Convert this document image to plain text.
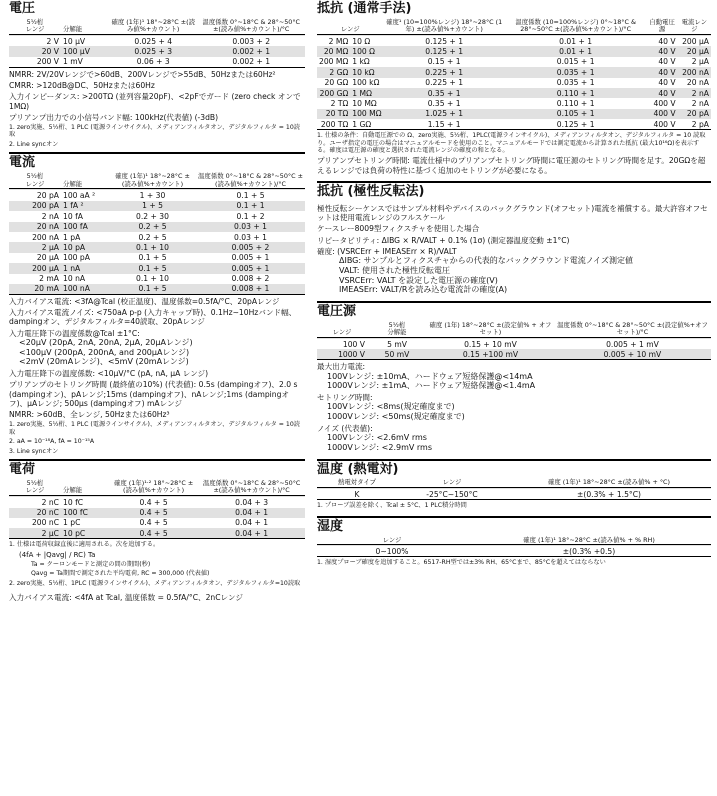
電圧
5½桁
レンジ	分解能	確度 (1年)¹ 18°~28°C ±(読み値%+カウント)	温度係数 0°~18°C & 28°~50°C ±(読み値%+カウント)/°C

2 V	10 µV	0.025 + 4	0.003 + 2
20 V	100 µV	0.025 + 3	0.002 + 1
200 V	1 mV	0.06 + 3	0.002 + 1
NMRR: 2V/20Vレンジで>60dB、200Vレンジで>55dB、50Hzまたは60Hz²
CMRR: >120dB@DC、50Hzまたは60Hz
入力インピーダンス: >200TΩ (並列容量20pF)、<2pFでガード (zero check オンで1MΩ)
プリアンプ出力での小信号バンド幅: 100kHz(代表値) (-3dB)
1. zero実施、5½桁、1 PLC (電源ラインサイクル)、メディアンフィルタオン、デジタルフィルタ = 10読取
2. Line syncオン
電流
5½桁
レンジ	分解能	確度 (1年)¹ 18°~28°C ±(読み値%+カウント)	温度係数 0°~18°C & 28°~50°C ±(読み値%+カウント)/°C

20 pA	100 aA ²	1 + 30	0.1 + 5
200 pA	1 fA ²	1 + 5	0.1 + 1
2 nA	10 fA	0.2 + 30	0.1 + 2
20 nA	100 fA	0.2 + 5	0.03 + 1
200 nA	1 pA	0.2 + 5	0.03 + 1
2 µA	10 pA	0.1 + 10	0.005 + 2
20 µA	100 pA	0.1 + 5	0.005 + 1
200 µA	1 nA	0.1 + 5	0.005 + 1
2 mA	10 nA	0.1 + 10	0.008 + 2
20 mA	100 nA	0.1 + 5	0.008 + 1
入力バイアス電流: <3fA@Tcal (校正温度)、温度係数=0.5fA/°C、20pAレンジ
入力バイアス電流ノイズ: <750aA p-p (入力キャップ時)、0.1Hz~10Hzバンド幅、dampingオン、デジタルフィルタ=40読取、20pAレンジ
入力電圧降下の温度係数@Tcal ±1°C:
<20µV (20pA, 2nA, 20nA, 2µA, 20µAレンジ)
<100µV (200pA, 200nA, and 200µAレンジ)
<2mV (20mAレンジ)、<5mV (20mAレンジ)
入力電圧降下の温度係数: <10µV/°C (pA, nA, µA レンジ)
プリアンプのセトリング時間 (最終値の10%) (代表値): 0.5s (dampingオフ)、2.0 s (dampingオン)、pAレンジ;15ms (dampingオフ)、nAレンジ;1ms (dampingオフ)、µAレンジ; 500µs (dampingオフ) mAレンジ
NMRR: >60dB、全レンジ, 50Hzまたは60Hz³
1. zero実施、5½桁、1 PLC (電源ラインサイクル)、メディアンフィルタオン、デジタルフィルタ = 10読取
2. aA = 10⁻¹⁸A, fA = 10⁻¹⁵A
3. Line syncオン
電荷
5½桁
レンジ	分解能	確度 (1年)¹·² 18°~28°C ±(読み値%+カウント)	温度係数 0°~18°C & 28°~50°C ±(読み値%+カウント)/°C

2 nC	10 fC	0.4 + 5	0.04 + 3
20 nC	100 fC	0.4 + 5	0.04 + 1
200 nC	1 pC	0.4 + 5	0.04 + 1
2 µC	10 pC	0.4 + 5	0.04 + 1
1. 仕様は電荷収録直後に適用される。次を追加する。
(4fA + |Qavg| / RC) Ta
Ta = クーロンモードと測定の間の期間(秒)
Qavg = Ta期間で測定された平均電荷, RC = 300,000 (代表値)
2. zero実施、5½桁、1PLC (電源ラインサイクル)、メディアンフィルタオン、デジタルフィルタ=10読取
入力バイアス電流: <4fA at Tcal, 温度係数 = 0.5fA/°C、2nCレンジ
抵抗 (通常手法)
レンジ		確度¹ (10=100%レンジ) 18°~28°C (1年) ±(読み値%+カウント)	温度係数 (10=100%レンジ) 0°~18°C & 28°~50°C ±(読み値%+カウント)/°C	自動電圧源	電流レンジ

2 MΩ	10 Ω	0.125 + 1	0.01 + 1	40 V	200 µA
20 MΩ	100 Ω	0.125 + 1	0.01 + 1	40 V	20 µA
200 MΩ	1 kΩ	0.15 + 1	0.015 + 1	40 V	2 µA
2 GΩ	10 kΩ	0.225 + 1	0.035 + 1	40 V	200 nA
20 GΩ	100 kΩ	0.225 + 1	0.035 + 1	40 V	20 nA
200 GΩ	1 MΩ	0.35 + 1	0.110 + 1	40 V	2 nA
2 TΩ	10 MΩ	0.35 + 1	0.110 + 1	400 V	2 nA
20 TΩ	100 MΩ	1.025 + 1	0.105 + 1	400 V	20 pA
200 TΩ	1 GΩ	1.15 + 1	0.125 + 1	400 V	2 pA
1. 仕様の条件：自動電圧源での Ω、zero実施、5½桁、1PLC(電源ラインサイクル)、メディアンフィルタオン、デジタルフィルタ = 10 読取り。ユーザ指定の電圧の場合はマニュアルモードを使用のこと。マニュアルモードでは測定電流から計算された抵抗 (最大10¹⁶Ω)を表示する。確度は電圧源の確度と選択された電流レンジの確度の和となる。
プリアンプセトリング時間: 電流仕様中のプリアンプセトリング時間に電圧源のセトリング時間を足す。20GΩを超えるレンジでは負荷の特性に基づく追加のセトリングが必要になる。
抵抗 (極性反転法)
極性反転シーケンスではサンプル材料やデバイスのバックグラウンド(オフセット)電流を補償する。最大許容オフセットは使用電流レンジのフルスケール
ケースレー8009型フィクスチャを使用した場合
リピータビリティ: ΔIBG × R/VALT + 0.1% (1σ) (測定器温度変動 ±1°C)
確度: (VSRCErr + IMEASErr × R)/VALT
ΔIBG: サンプルとフィクスチャからの代表的なバックグラウンド電流ノイズ測定値
VALT: 使用された極性反転電圧
VSRCErr: VALT を設定した電圧源の確度(V)
IMEASErr: VALT/Rを読み込む電流計の確度(A)
電圧源
レンジ	5½桁
分解能	確度 (1年) 18°~28°C ±(設定値% + オフセット)	温度係数 0°~18°C & 28°~50°C ±(設定値%+オフセット)/°C

100 V	5 mV	0.15 + 10 mV	0.005 + 1 mV
1000 V	50 mV	0.15 +100 mV	0.005 + 10 mV
最大出力電流:
100Vレンジ: ±10mA、ハードウェア短絡保護@<14mA
1000Vレンジ: ±1mA、ハードウェア短絡保護@<1.4mA
セトリング時間:
100Vレンジ: <8ms(規定確度まで)
1000Vレンジ: <50ms(規定確度まで)
ノイズ (代表値):
100Vレンジ: <2.6mV rms
1000Vレンジ: <2.9mV rms
温度 (熱電対)
熱電対タイプ	レンジ	確度 (1年)¹ 18°~28°C ±(読み値% + °C)

K	-25°C~150°C	±(0.3% + 1.5°C)
1. プローブ誤差を除く、Tcal ± 5°C、1 PLC積分時間
湿度
レンジ	確度 (1年)¹ 18°~28°C ±(読み値% + % RH)

0~100%	±(0.3% +0.5)
1. 湿度プローブ確度を追加すること。6517-RH型では±3% RH、65°Cまで、85°Cを超えてはならない
